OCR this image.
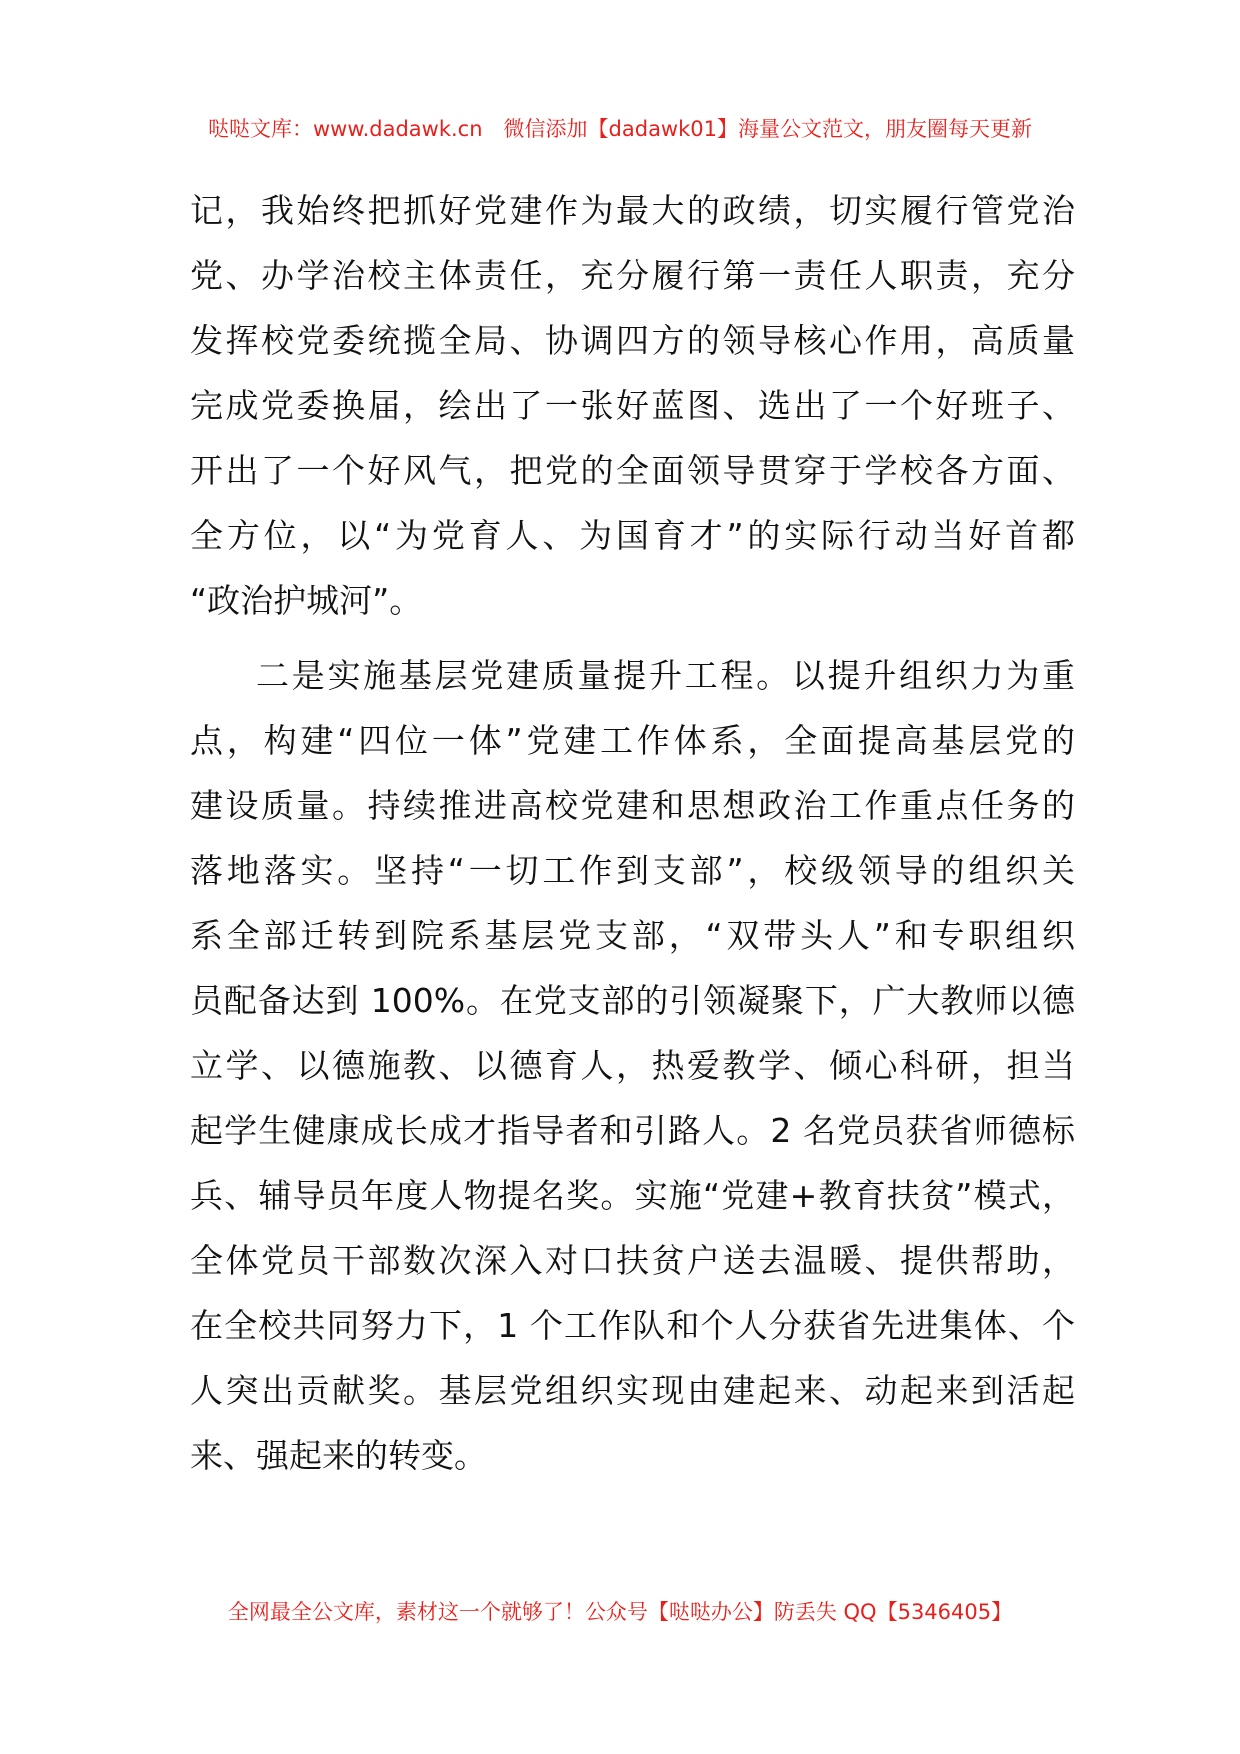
哒哒文库：www.dadawk.cn　微信添加【dadawk01】海量公文范文，朋友圈每天更新
记，我始终把抓好党建作为最大的政绩，切实履行管党治
党、办学治校主体责任，充分履行第一责任人职责，充分
发挥校党委统揽全局、协调四方的领导核心作用，高质量
完成党委换届，绘出了一张好蓝图、选出了一个好班子、
开出了一个好风气，把党的全面领导贯穿于学校各方面、
全方位，以“为党育人、为国育才”的实际行动当好首都
“政治护城河”。
二是实施基层党建质量提升工程。以提升组织力为重
点，构建“四位一体”党建工作体系，全面提高基层党的
建设质量。持续推进高校党建和思想政治工作重点任务的
落地落实。坚持“一切工作到支部”，校级领导的组织关
系全部迁转到院系基层党支部，“双带头人”和专职组织
员配备达到 100%。在党支部的引领凝聚下，广大教师以德
立学、以德施教、以德育人，热爱教学、倾心科研，担当
起学生健康成长成才指导者和引路人。2 名党员获省师德标
兵、辅导员年度人物提名奖。实施“党建+教育扶贫”模式，
全体党员干部数次深入对口扶贫户送去温暖、提供帮助，
在全校共同努力下，1 个工作队和个人分获省先进集体、个
人突出贡献奖。基层党组织实现由建起来、动起来到活起
来、强起来的转变。
全网最全公文库，素材这一个就够了！公众号【哒哒办公】防丢失 QQ【5346405】
